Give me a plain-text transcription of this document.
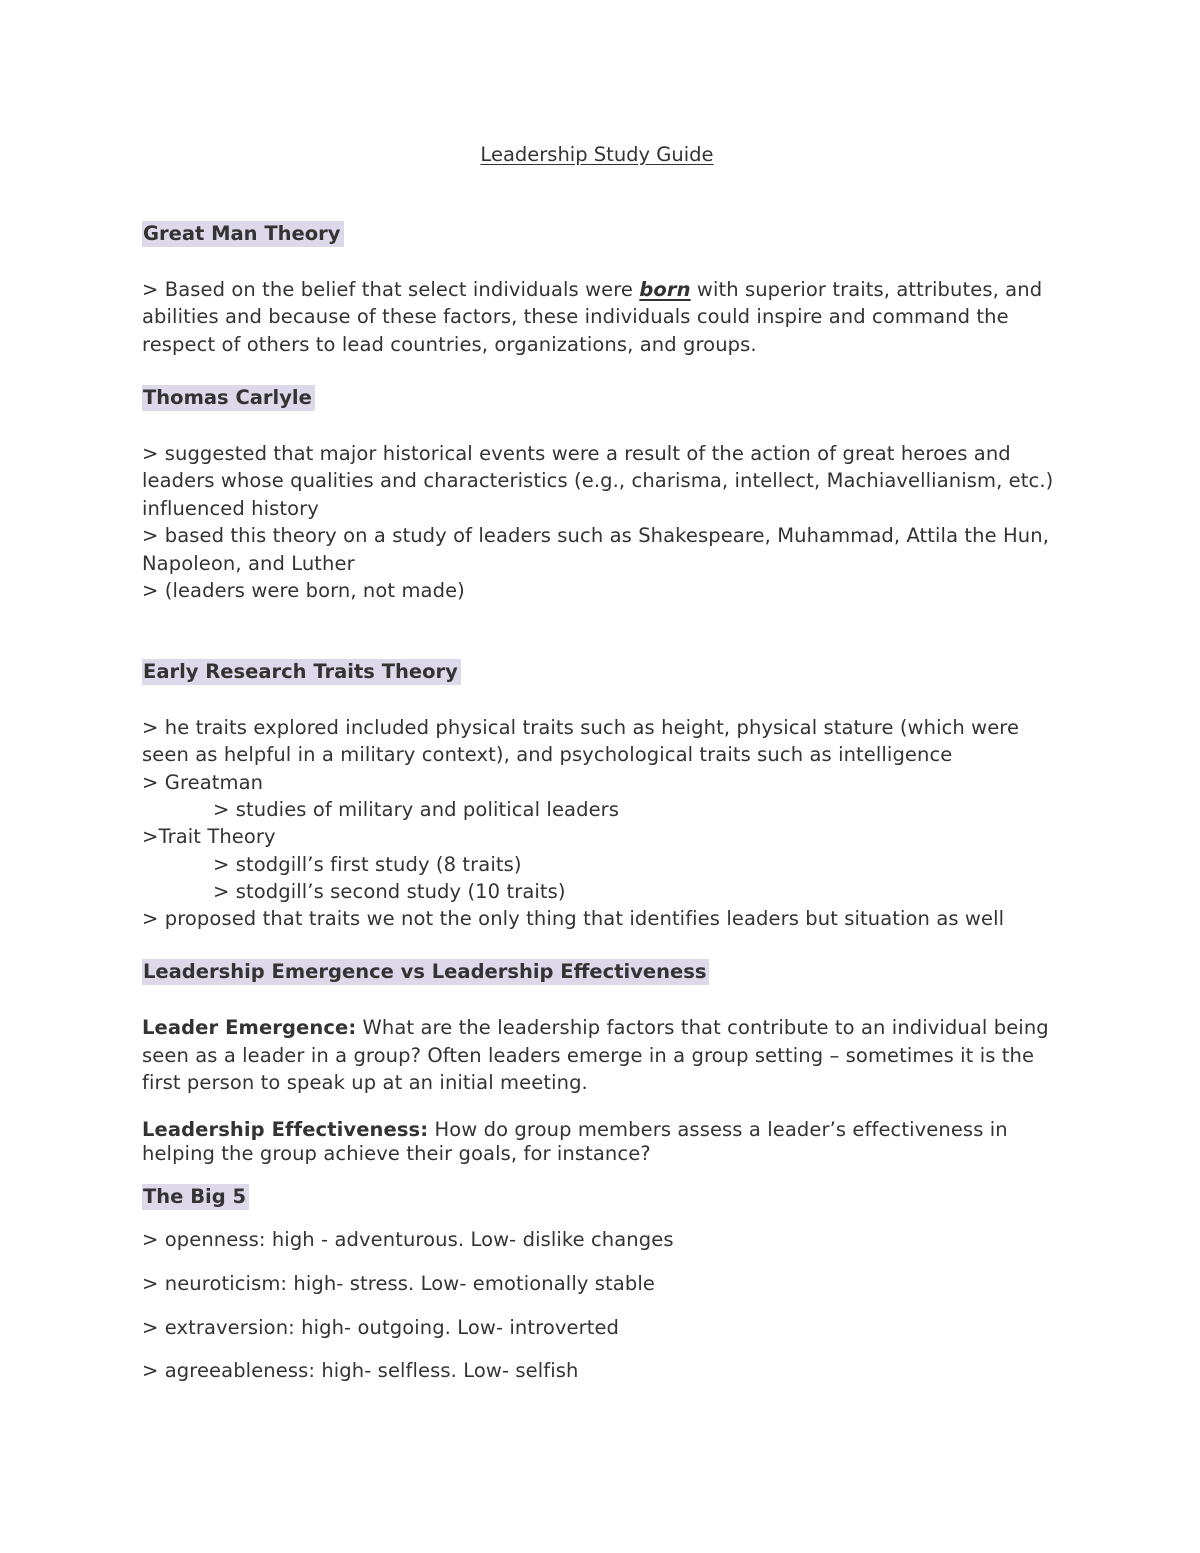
Leadership Study Guide

Great Man Theory

> Based on the belief that select individuals were born with superior traits, attributes, and

abilities and because of these factors, these individuals could inspire and command the

respect of others to lead countries, organizations, and groups.

Thomas Carlyle

> suggested that major historical events were a result of the action of great heroes and

leaders whose qualities and characteristics (e.g., charisma, intellect, Machiavellianism, etc.)

influenced history

> based this theory on a study of leaders such as Shakespeare, Muhammad, Attila the Hun,

Napoleon, and Luther

> (leaders were born, not made)

Early Research Traits Theory

> he traits explored included physical traits such as height, physical stature (which were

seen as helpful in a military context), and psychological traits such as intelligence

> Greatman

> studies of military and political leaders

>Trait Theory

> stodgill’s first study (8 traits)

> stodgill’s second study (10 traits)

> proposed that traits we not the only thing that identifies leaders but situation as well

Leadership Emergence vs Leadership Effectiveness

Leader Emergence: What are the leadership factors that contribute to an individual being

seen as a leader in a group? Often leaders emerge in a group setting – sometimes it is the

first person to speak up at an initial meeting.

Leadership Effectiveness: How do group members assess a leader’s effectiveness in

helping the group achieve their goals, for instance?

The Big 5

> openness: high - adventurous. Low- dislike changes

> neuroticism: high- stress. Low- emotionally stable

> extraversion: high- outgoing. Low- introverted

> agreeableness: high- selfless. Low- selfish
